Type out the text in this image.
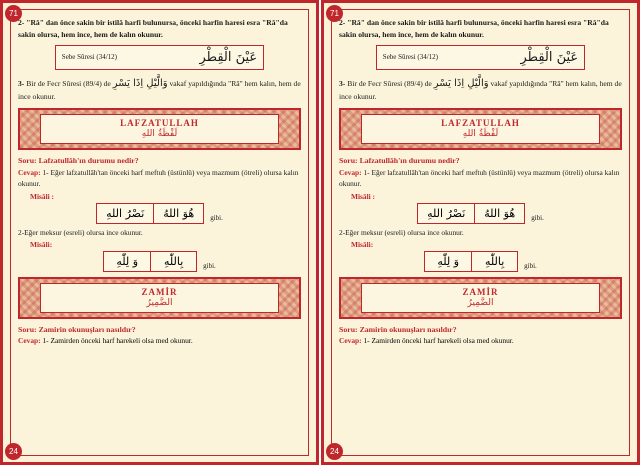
71
24

2- "Râ" dan önce sakin bir istilâ harfi bulunursa, önceki harfin haresi esra "Râ"da sakin olursa, hem ince, hem de kalın okunur.

Sebe Sûresi (34/12)	عَيْنَ الْقِطْرِ

3- Bir de Fecr Sûresi (89/4) de وَالَّيْلِ اِذَا يَسْرِ vakaf yapıldığında "Râ" hem kalın, hem de ince okunur.

LAFZATULLAH
لَفْظَةُ اللهِ
Soru: Lafzatullâh'ın durumu nedir?

Cevap: 1- Eğer lafzatullâh'tan önceki harf meftuh (üstünlü) veya mazmum (ötreli) olursa kalın okunur.

Misâli :
نَصْرُ اللهِ	هُوَ اللهُ	gibi.

2-Eğer meksur (esreli) olursa ince okunur.

Misâli:
وَ لِلّٰهِ	بِاللّٰهِ	gibi.
ZAMİR
الضَّمِيرُ
Soru: Zamirin okunuşları nasıldır?

Cevap: 1- Zamirden önceki harf harekeli olsa med okunur.

71
24

2- "Râ" dan önce sakin bir istilâ harfi bulunursa, önceki harfin haresi esra "Râ"da sakin olursa, hem ince, hem de kalın okunur.

Sebe Sûresi (34/12)	عَيْنَ الْقِطْرِ

3- Bir de Fecr Sûresi (89/4) de وَالَّيْلِ اِذَا يَسْرِ vakaf yapıldığında "Râ" hem kalın, hem de ince okunur.

LAFZATULLAH
لَفْظَةُ اللهِ
Soru: Lafzatullâh'ın durumu nedir?

Cevap: 1- Eğer lafzatullâh'tan önceki harf meftuh (üstünlü) veya mazmum (ötreli) olursa kalın okunur.

Misâli :
نَصْرُ اللهِ	هُوَ اللهُ	gibi.

2-Eğer meksur (esreli) olursa ince okunur.

Misâli:
وَ لِلّٰهِ	بِاللّٰهِ	gibi.
ZAMİR
الضَّمِيرُ
Soru: Zamirin okunuşları nasıldır?

Cevap: 1- Zamirden önceki harf harekeli olsa med okunur.
